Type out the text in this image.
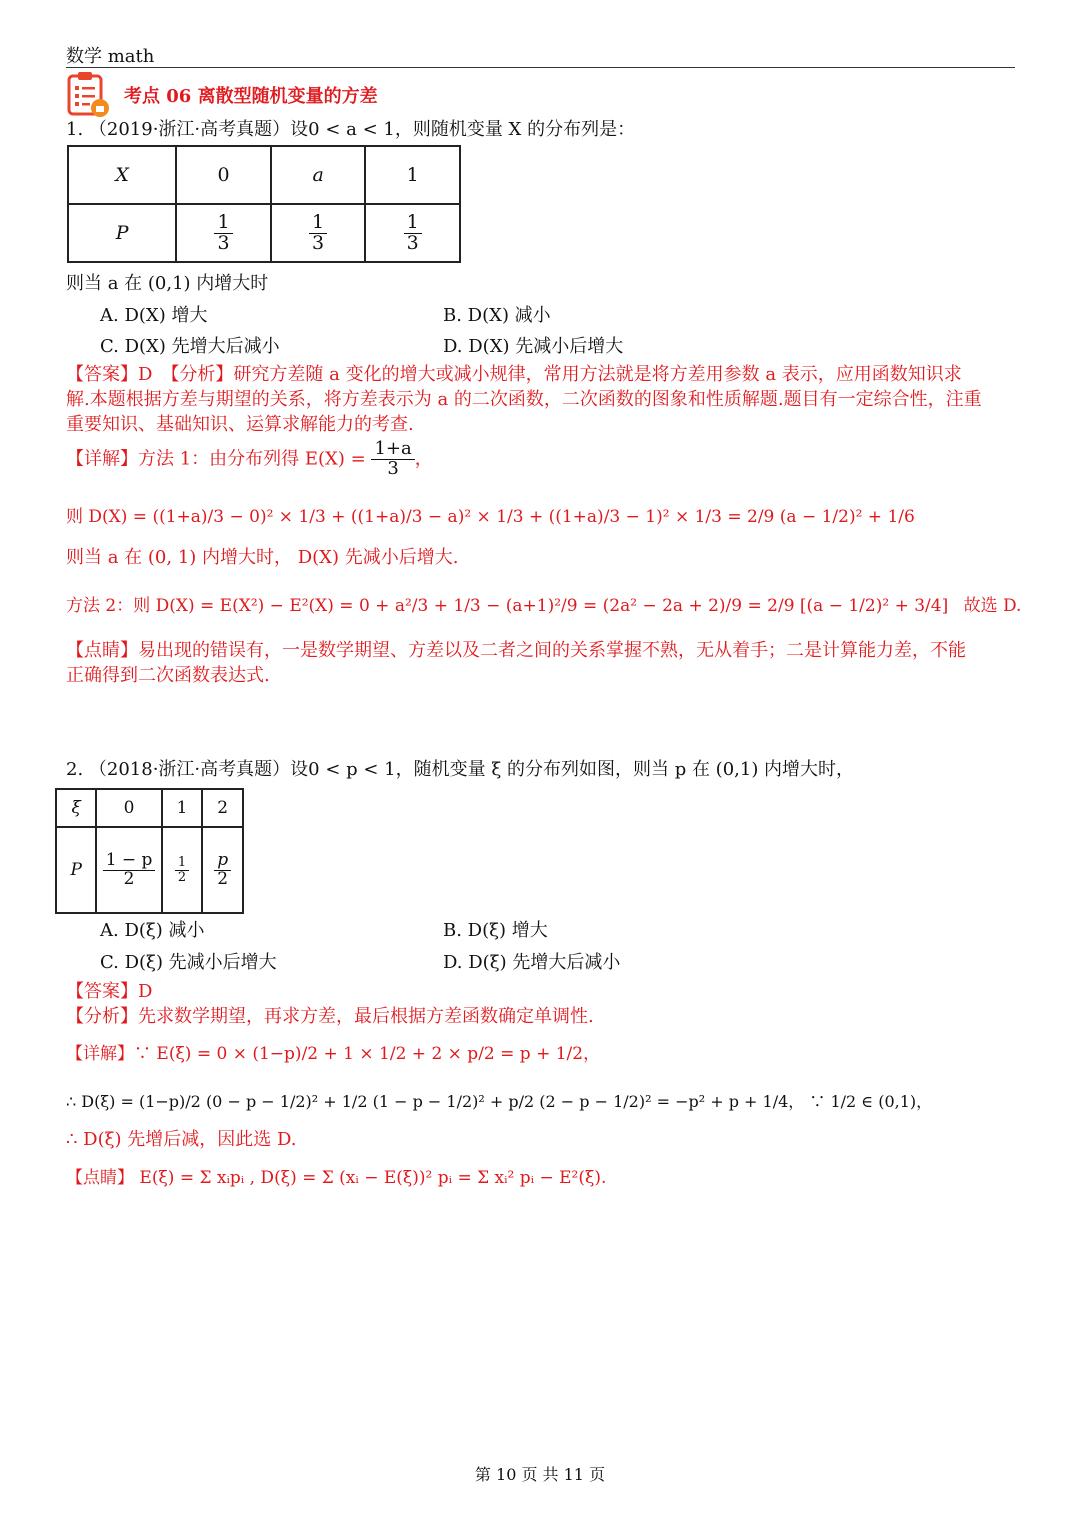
数学 math
考点 06 离散型随机变量的方差
1. （2019·浙江·高考真题）设0 < a < 1，则随机变量 X 的分布列是：
X	0	a	1
P	$\frac{1}{3}$	$\frac{1}{3}$	$\frac{1}{3}$
则当 a 在 (0,1) 内增大时
A. D(X) 增大	B. D(X) 减小
C. D(X) 先增大后减小	D. D(X) 先减小后增大
【答案】D　【分析】研究方差随 a 变化的增大或减小规律，常用方法就是将方差用参数 a 表示，应用函数知识求
解.本题根据方差与期望的关系，将方差表示为 a 的二次函数，二次函数的图象和性质解题.题目有一定综合性，注重
重要知识、基础知识、运算求解能力的考查.
【详解】方法 1：由分布列得 $E(X) = \frac{1+a}{3}$ ，
则 D(X) = ((1+a)/3 − 0)² × 1/3 + ((1+a)/3 − a)² × 1/3 + ((1+a)/3 − 1)² × 1/3 = 2/9 (a − 1/2)² + 1/6
则当 a 在 (0, 1) 内增大时， D(X) 先减小后增大.
方法 2：则 D(X) = E(X²) − E²(X) = 0 + a²/3 + 1/3 − (a+1)²/9 = (2a² − 2a + 2)/9 = 2/9 [(a − 1/2)² + 3/4] 故选 D.
【点睛】易出现的错误有，一是数学期望、方差以及二者之间的关系掌握不熟，无从着手；二是计算能力差，不能
正确得到二次函数表达式.
2. （2018·浙江·高考真题）设0 < p < 1，随机变量 ξ 的分布列如图，则当 p 在 (0,1) 内增大时，
ξ	0	1	2
P	$\frac{1 - p}{2}$	$\frac{1}{2}$	$\frac{p}{2}$
A. D(ξ) 减小	B. D(ξ) 增大
C. D(ξ) 先减小后增大	D. D(ξ) 先增大后减小
【答案】D
【分析】先求数学期望，再求方差，最后根据方差函数确定单调性.
【详解】∵ E(ξ) = 0 × (1−p)/2 + 1 × 1/2 + 2 × p/2 = p + 1/2，
∴ D(ξ) = (1−p)/2 (0 − p − 1/2)² + 1/2 (1 − p − 1/2)² + p/2 (2 − p − 1/2)² = −p² + p + 1/4， ∵ 1/2 ∈ (0,1)，
∴ D(ξ) 先增后减，因此选 D.
【点睛】 E(ξ) = Σ xᵢpᵢ , D(ξ) = Σ (xᵢ − E(ξ))² pᵢ = Σ xᵢ² pᵢ − E²(ξ).
第 10 页 共 11 页
